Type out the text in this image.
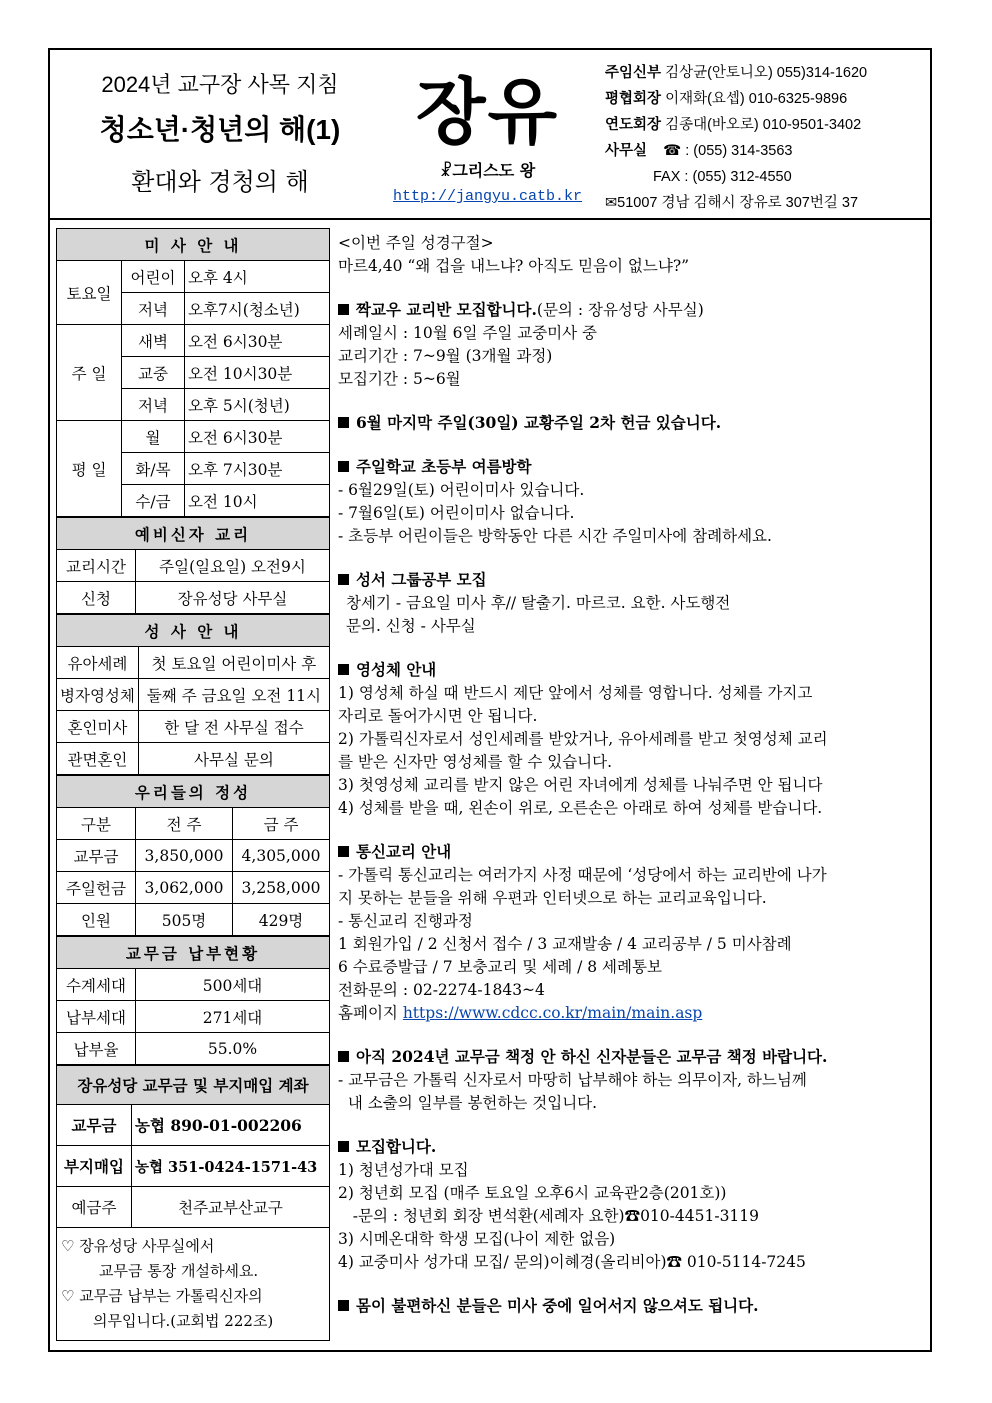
2024년 교구장 사목 지침
청소년·청년의 해(1)
환대와 경청의 해
장유
☧그리스도 왕
http://jangyu.catb.kr
주임신부 김상균(안토니오) 055)314-1620
평협회장 이재화(요셉) 010-6325-9896
연도회장 김종대(바오로) 010-9501-3402
사무실 ☎ : (055) 314-3563
FAX : (055) 312-4550
✉51007 경남 김해시 장유로 307번길 37
미 사 안 내		
토요일	어린이	오후 4시
	저녁	오후7시(청소년)
주 일	새벽	오전 6시30분
	교중	오전 10시30분
	저녁	오후 5시(청년)
평 일	월	오전 6시30분
	화/목	오후 7시30분
	수/금	오전 10시
예비신자 교리	
교리시간	주일(일요일) 오전9시
신청	장유성당 사무실
성 사 안 내	
유아세례	첫 토요일 어린이미사 후
병자영성체	둘째 주 금요일 오전 11시
혼인미사	한 달 전 사무실 접수
관면혼인	사무실 문의
우리들의 정성		
구분	전 주	금 주
교무금	3,850,000	4,305,000
주일헌금	3,062,000	3,258,000
인원	505명	429명
교무금 납부현황	
수계세대	500세대
납부세대	271세대
납부율	55.0%
장유성당 교무금 및 부지매입 계좌	
교무금	농협 890-01-002206
부지매입	농협 351-0424-1571-43
예금주	천주교부산교구
♡ 장유성당 사무실에서
교무금 통장 개설하세요.
♡ 교무금 납부는 가톨릭신자의
의무입니다.(교회법 222조)

<이번 주일 성경구절>

마르4,40 “왜 겁을 내느냐? 아직도 믿음이 없느냐?”

짝교우 교리반 모집합니다.(문의 : 장유성당 사무실)

세례일시 : 10월 6일 주일 교중미사 중

교리기간 : 7~9월 (3개월 과정)

모집기간 : 5~6월

6월 마지막 주일(30일) 교황주일 2차 헌금 있습니다.

주일학교 초등부 여름방학

- 6월29일(토) 어린이미사 있습니다.

- 7월6일(토) 어린이미사 없습니다.

- 초등부 어린이들은 방학동안 다른 시간 주일미사에 참례하세요.

성서 그룹공부 모집

창세기 - 금요일 미사 후// 탈출기. 마르코. 요한. 사도행전

문의. 신청 - 사무실

영성체 안내

1) 영성체 하실 때 반드시 제단 앞에서 성체를 영합니다. 성체를 가지고

자리로 돌어가시면 안 됩니다.

2) 가톨릭신자로서 성인세례를 받았거나, 유아세례를 받고 첫영성체 교리

를 받은 신자만 영성체를 할 수 있습니다.

3) 첫영성체 교리를 받지 않은 어린 자녀에게 성체를 나눠주면 안 됩니다

4) 성체를 받을 때, 왼손이 위로, 오른손은 아래로 하여 성체를 받습니다.

통신교리 안내

- 가톨릭 통신교리는 여러가지 사정 때문에 ‘성당에서 하는 교리반에 나가

지 못하는 분들을 위해 우편과 인터넷으로 하는 교리교육입니다.

- 통신교리 진행과정

1 회원가입 / 2 신청서 접수 / 3 교재발송 / 4 교리공부 / 5 미사참례

6 수료증발급 / 7 보충교리 및 세례 / 8 세례통보

전화문의 : 02-2274-1843~4

홈페이지 https://www.cdcc.co.kr/main/main.asp

아직 2024년 교무금 책정 안 하신 신자분들은 교무금 책정 바랍니다.

- 교무금은 가톨릭 신자로서 마땅히 납부해야 하는 의무이자, 하느님께

내 소출의 일부를 봉헌하는 것입니다.

모집합니다.

1) 청년성가대 모집

2) 청년회 모집 (매주 토요일 오후6시 교육관2층(201호))

-문의 : 청년회 회장 변석환(세례자 요한)☎010-4451-3119

3) 시메온대학 학생 모집(나이 제한 없음)

4) 교중미사 성가대 모집/ 문의)이혜경(올리비아)☎ 010-5114-7245

몸이 불편하신 분들은 미사 중에 일어서지 않으셔도 됩니다.
